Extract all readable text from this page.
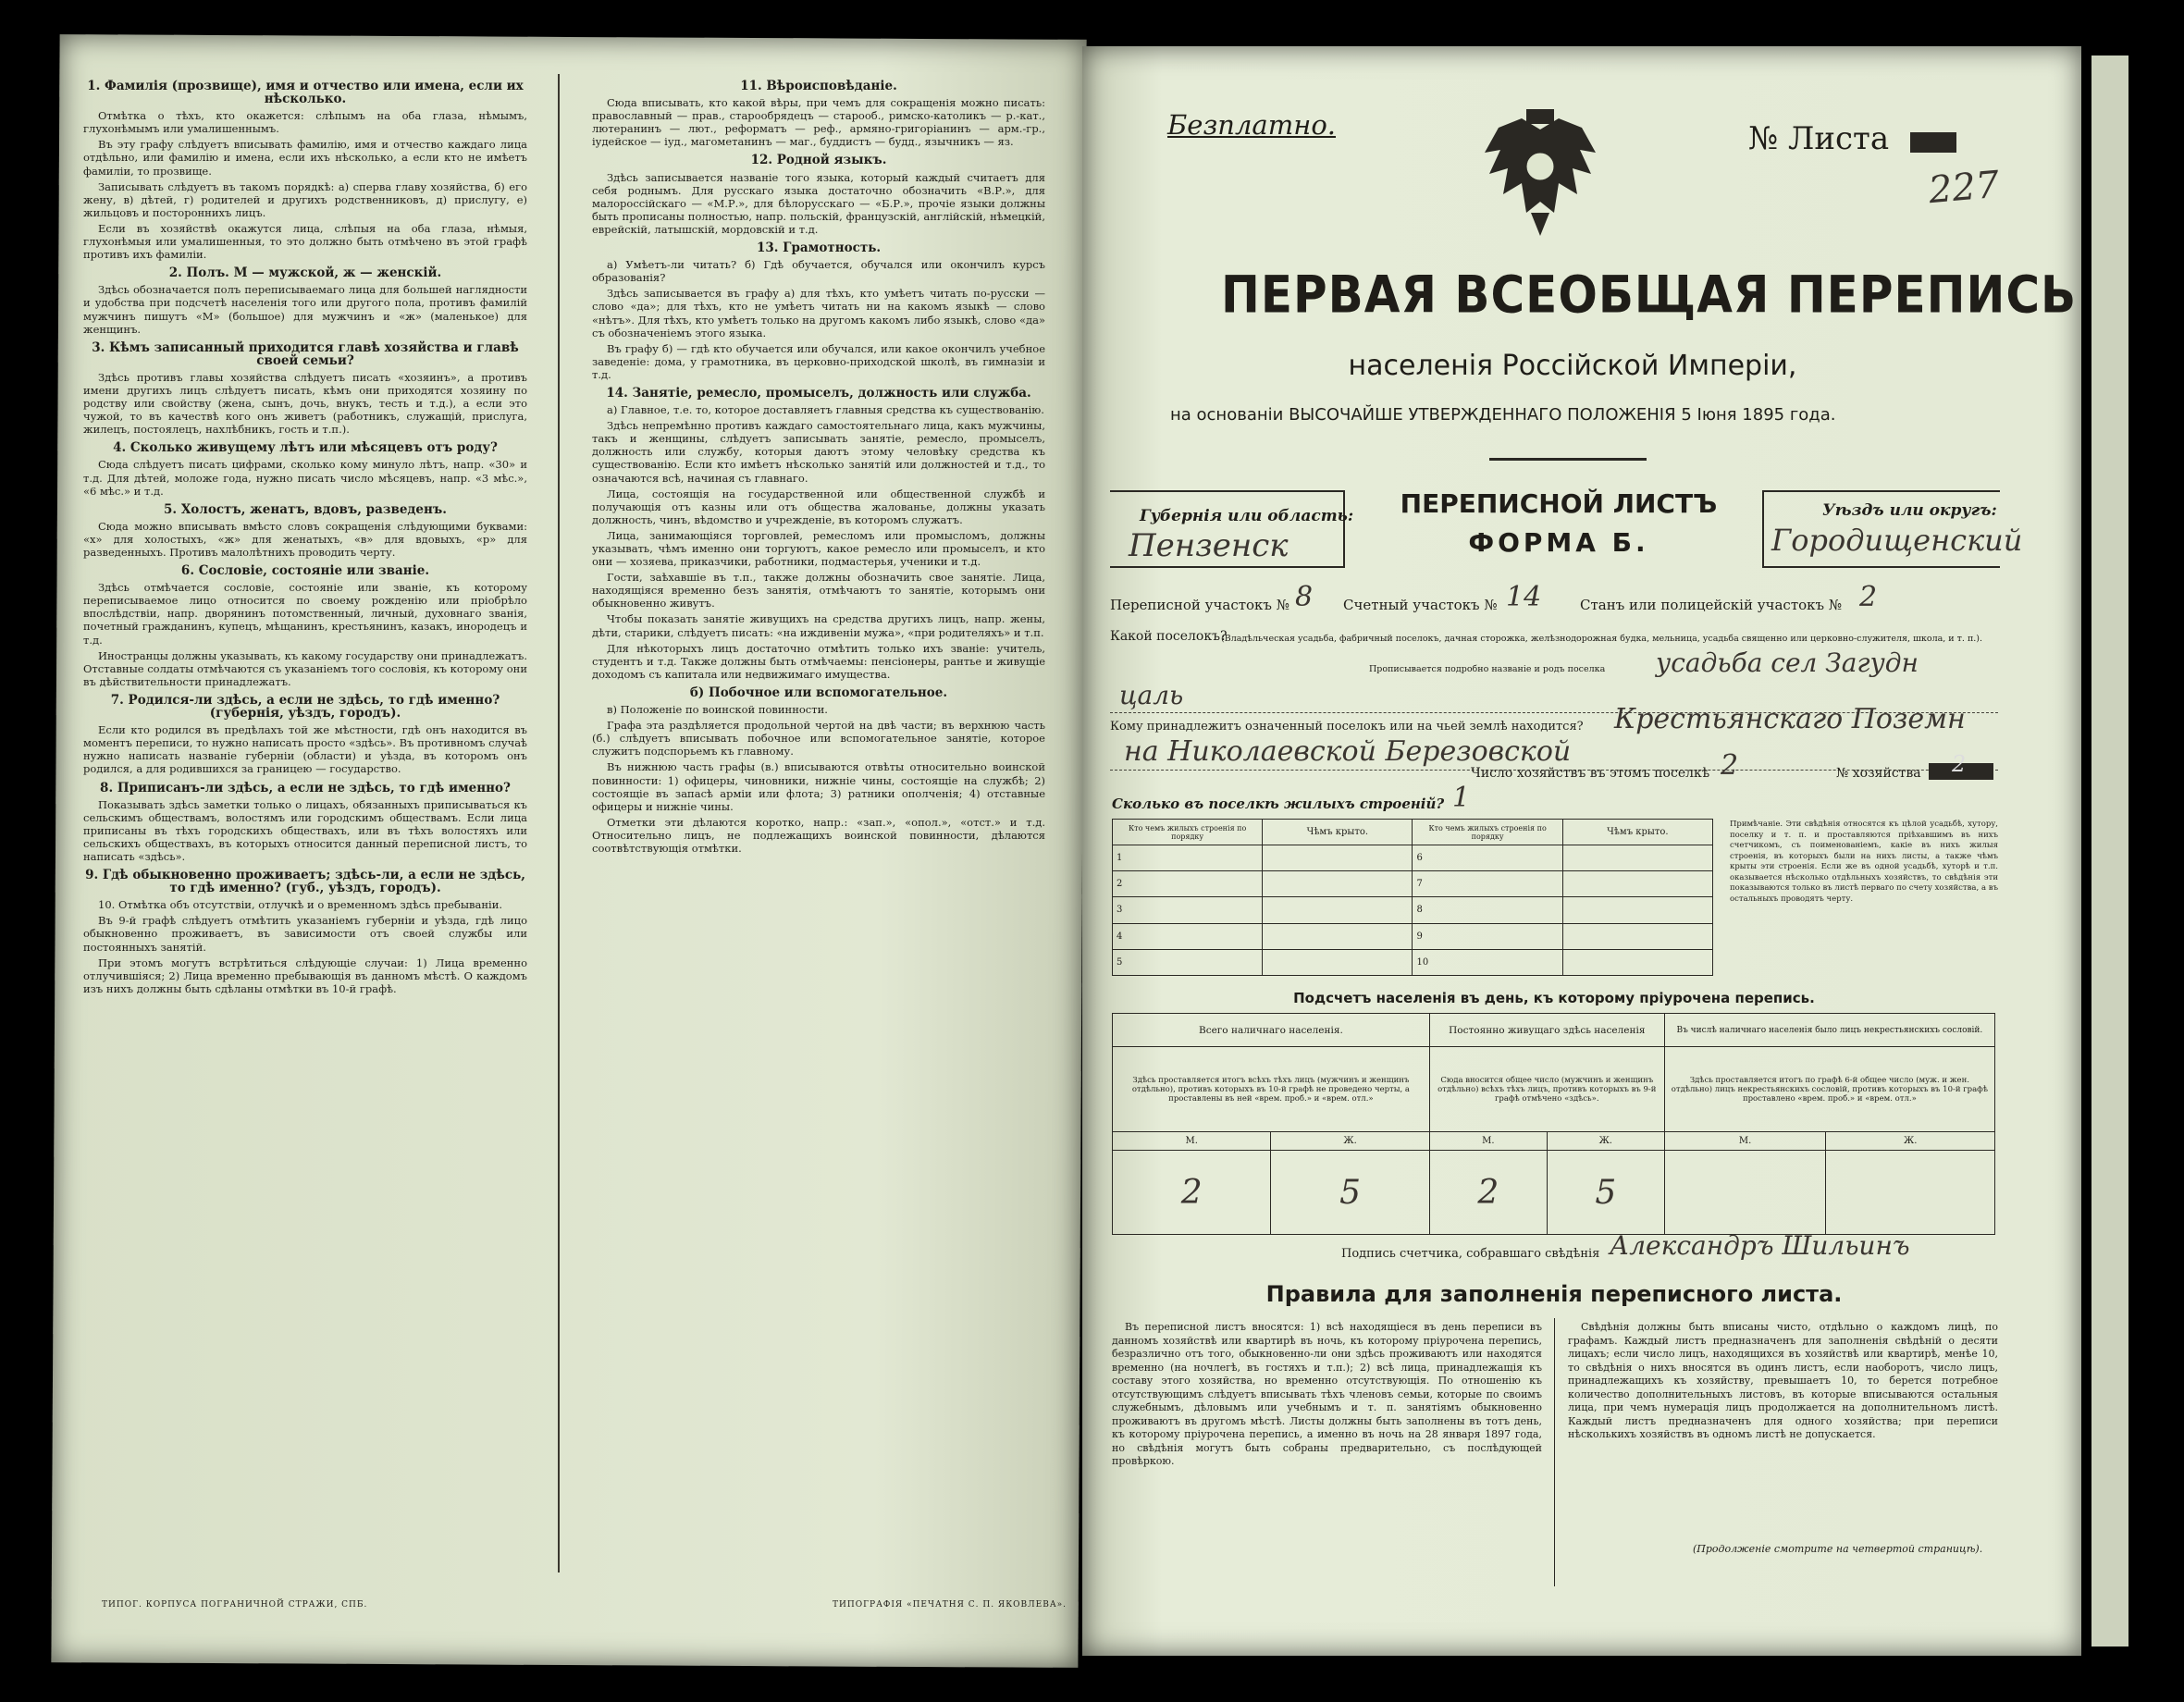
1. Фамилія (прозвище), имя и отчество или имена, если их нѣсколько.

Отмѣтка о тѣхъ, кто окажется: слѣпымъ на оба глаза, нѣмымъ, глухонѣмымъ или умалишеннымъ.

Въ эту графу слѣдуетъ вписывать фамилію, имя и отчество каждаго лица отдѣльно, или фамилію и имена, если ихъ нѣсколько, а если кто не имѣетъ фамиліи, то прозвище.

Записывать слѣдуетъ въ такомъ порядкѣ: а) сперва главу хозяйства, б) его жену, в) дѣтей, г) родителей и другихъ родственниковъ, д) прислугу, е) жильцовъ и постороннихъ лицъ.

Если въ хозяйствѣ окажутся лица, слѣпыя на оба глаза, нѣмыя, глухонѣмыя или умалишенныя, то это должно быть отмѣчено въ этой графѣ противъ ихъ фамиліи.

2. Полъ. М — мужской, ж — женскій.

Здѣсь обозначается полъ переписываемаго лица для большей наглядности и удобства при подсчетѣ населенія того или другого пола, противъ фамилій мужчинъ пишутъ «М» (большое) для мужчинъ и «ж» (маленькое) для женщинъ.

3. Кѣмъ записанный приходится главѣ хозяйства и главѣ своей семьи?

Здѣсь противъ главы хозяйства слѣдуетъ писать «хозяинъ», а противъ имени другихъ лицъ слѣдуетъ писать, кѣмъ они приходятся хозяину по родству или свойству (жена, сынъ, дочь, внукъ, тесть и т.д.), а если это чужой, то въ качествѣ кого онъ живетъ (работникъ, служащій, прислуга, жилецъ, постоялецъ, нахлѣбникъ, гость и т.п.).

4. Сколько живущему лѣтъ или мѣсяцевъ отъ роду?

Сюда слѣдуетъ писать цифрами, сколько кому минуло лѣтъ, напр. «30» и т.д. Для дѣтей, моложе года, нужно писать число мѣсяцевъ, напр. «3 мѣс.», «6 мѣс.» и т.д.

5. Холостъ, женатъ, вдовъ, разведенъ.

Сюда можно вписывать вмѣсто словъ сокращенія слѣдующими буквами: «х» для холостыхъ, «ж» для женатыхъ, «в» для вдовыхъ, «р» для разведенныхъ. Противъ малолѣтнихъ проводить черту.

6. Сословіе, состояніе или званіе.

Здѣсь отмѣчается сословіе, состояніе или званіе, къ которому переписываемое лицо относится по своему рожденію или пріобрѣло впослѣдствіи, напр. дворянинъ потомственный, личный, духовнаго званія, почетный гражданинъ, купецъ, мѣщанинъ, крестьянинъ, казакъ, инородецъ и т.д.

Иностранцы должны указывать, къ какому государству они принадлежатъ. Отставные солдаты отмѣчаются съ указаніемъ того сословія, къ которому они въ дѣйствительности принадлежатъ.

7. Родился-ли здѣсь, а если не здѣсь, то гдѣ именно? (губернія, уѣздъ, городъ).

Если кто родился въ предѣлахъ той же мѣстности, гдѣ онъ находится въ моментъ переписи, то нужно написать просто «здѣсь». Въ противномъ случаѣ нужно написать названіе губерніи (области) и уѣзда, въ которомъ онъ родился, а для родившихся за границею — государство.

8. Приписанъ-ли здѣсь, а если не здѣсь, то гдѣ именно?

Показывать здѣсь заметки только о лицахъ, обязанныхъ приписываться къ сельскимъ обществамъ, волостямъ или городскимъ обществамъ. Если лица приписаны въ тѣхъ городскихъ обществахъ, или въ тѣхъ волостяхъ или сельскихъ обществахъ, въ которыхъ относится данный переписной листъ, то написать «здѣсь».

9. Гдѣ обыкновенно проживаетъ; здѣсь-ли, а если не здѣсь, то гдѣ именно? (губ., уѣздъ, городъ).

10. Отмѣтка объ отсутствіи, отлучкѣ и о временномъ здѣсь пребываніи.

Въ 9-й графѣ слѣдуетъ отмѣтить указаніемъ губерніи и уѣзда, гдѣ лицо обыкновенно проживаетъ, въ зависимости отъ своей службы или постоянныхъ занятій.

При этомъ могутъ встрѣтиться слѣдующіе случаи: 1) Лица временно отлучившіяся; 2) Лица временно пребывающія въ данномъ мѣстѣ. О каждомъ изъ нихъ должны быть сдѣланы отмѣтки въ 10-й графѣ.

11. Вѣроисповѣданіе.

Сюда вписывать, кто какой вѣры, при чемъ для сокращенія можно писать: православный — прав., старообрядецъ — старооб., римско-католикъ — р.-кат., лютеранинъ — лют., реформатъ — реф., армяно-григоріанинъ — арм.-гр., іудейское — іуд., магометанинъ — маг., буддистъ — будд., язычникъ — яз.

12. Родной языкъ.

Здѣсь записывается названіе того языка, который каждый считаетъ для себя роднымъ. Для русскаго языка достаточно обозначить «В.Р.», для малороссійскаго — «М.Р.», для бѣлорусскаго — «Б.Р.», прочіе языки должны быть прописаны полностью, напр. польскій, французскій, англійскій, нѣмецкій, еврейскій, латышскій, мордовскій и т.д.

13. Грамотность.

а) Умѣетъ-ли читать? б) Гдѣ обучается, обучался или окончилъ курсъ образованія?

Здѣсь записывается въ графу а) для тѣхъ, кто умѣетъ читать по-русски — слово «да»; для тѣхъ, кто не умѣетъ читать ни на какомъ языкѣ — слово «нѣтъ». Для тѣхъ, кто умѣетъ только на другомъ какомъ либо языкѣ, слово «да» съ обозначеніемъ этого языка.

Въ графу б) — гдѣ кто обучается или обучался, или какое окончилъ учебное заведеніе: дома, у грамотника, въ церковно-приходской школѣ, въ гимназіи и т.д.

14. Занятіе, ремесло, промыселъ, должность или служба.

а) Главное, т.е. то, которое доставляетъ главныя средства къ существованію.

Здѣсь непремѣнно противъ каждаго самостоятельнаго лица, какъ мужчины, такъ и женщины, слѣдуетъ записывать занятіе, ремесло, промыселъ, должность или службу, которыя даютъ этому человѣку средства къ существованію. Если кто имѣетъ нѣсколько занятій или должностей и т.д., то означаются всѣ, начиная съ главнаго.

Лица, состоящія на государственной или общественной службѣ и получающія отъ казны или отъ общества жалованье, должны указать должность, чинъ, вѣдомство и учрежденіе, въ которомъ служатъ.

Лица, занимающіяся торговлей, ремесломъ или промысломъ, должны указывать, чѣмъ именно они торгуютъ, какое ремесло или промыселъ, и кто они — хозяева, приказчики, работники, подмастерья, ученики и т.д.

Гости, заѣхавшіе въ т.п., также должны обозначить свое занятіе. Лица, находящіяся временно безъ занятія, отмѣчаютъ то занятіе, которымъ они обыкновенно живутъ.

Чтобы показать занятіе живущихъ на средства другихъ лицъ, напр. жены, дѣти, старики, слѣдуетъ писать: «на иждивеніи мужа», «при родителяхъ» и т.п.

Для нѣкоторыхъ лицъ достаточно отмѣтить только ихъ званіе: учитель, студентъ и т.д. Также должны быть отмѣчаемы: пенсіонеры, рантье и живущіе доходомъ съ капитала или недвижимаго имущества.

б) Побочное или вспомогательное.

в) Положеніе по воинской повинности.

Графа эта раздѣляется продольной чертой на двѣ части; въ верхнюю часть (б.) слѣдуетъ вписывать побочное или вспомогательное занятіе, которое служитъ подспорьемъ къ главному.

Въ нижнюю часть графы (в.) вписываются отвѣты относительно воинской повинности: 1) офицеры, чиновники, нижніе чины, состоящіе на службѣ; 2) состоящіе въ запасѣ арміи или флота; 3) ратники ополченія; 4) отставные офицеры и нижніе чины.

Отметки эти дѣлаются коротко, напр.: «зап.», «опол.», «отст.» и т.д. Относительно лицъ, не подлежащихъ воинской повинности, дѣлаются соотвѣтствующія отмѣтки.

ТИПОГ. КОРПУСА ПОГРАНИЧНОЙ СТРАЖИ, СПБ.	ТИПОГРАФІЯ «ПЕЧАТНЯ С. П. ЯКОВЛЕВА».
Безплатно.	№ Листа
227
ПЕРВАЯ ВСЕОБЩАЯ ПЕРЕПИСЬ
населенія Россійской Имперіи,
на основаніи ВЫСОЧАЙШЕ УТВЕРЖДЕННАГО ПОЛОЖЕНІЯ 5 Іюня 1895 года.
Губернія или область:
Пензенск
ПЕРЕПИСНОЙ ЛИСТЪ
ФОРМА Б.
Уѣздъ или округъ:
Городищенский
Переписной участокъ № 8 Счетный участокъ № 14	Станъ или полицейскій участокъ № 2
Какой поселокъ?
(Владѣльческая усадьба, фабричный поселокъ, дачная сторожка, желѣзнодорожная будка, мельница, усадьба священно или церковно-служителя, школа, и т. п.).
Прописывается подробно названіе и родъ поселка усадьба сел Загудн
цаль
Кому принадлежитъ означенный поселокъ или на чьей землѣ находится? Крестьянскаго Поземн
на Николаевской Березовской
Число хозяйствъ въ этомъ поселкѣ 2	№ хозяйства 2
Сколько въ поселкѣ жилыхъ строеній? 1
Кто чемъ жилыхъ строенія по порядку	Чѣмъ крыто.	Кто чемъ жилыхъ строенія по порядку	Чѣмъ крыто.
1		6	
2		7	
3		8	
4		9	
5		10	
Примѣчаніе. Эти свѣдѣнія относятся къ цѣлой усадьбѣ, хутору, поселку и т. п. и проставляются пріѣхавшимъ въ нихъ счетчикомъ, съ поименованіемъ, какіе въ нихъ жилыя строенія, въ которыхъ были на нихъ листы, а также чѣмъ крыты эти строенія. Если же въ одной усадьбѣ, хуторѣ и т.п. оказывается нѣсколько отдѣльныхъ хозяйствъ, то свѣдѣнія эти показываются только въ листѣ перваго по счету хозяйства, а въ остальныхъ проводятъ черту.
Подсчетъ населенія въ день, къ которому пріурочена перепись.
Всего наличнаго населенія.		Постоянно живущаго здѣсь населенія		Въ числѣ наличнаго населенія было лицъ некрестьянскихъ сословій.	
Здѣсь проставляется итогъ всѣхъ тѣхъ лицъ (мужчинъ и женщинъ отдѣльно), противъ которыхъ въ 10-й графѣ не проведено черты, а проставлены въ ней «врем. проб.» и «врем. отл.»		Сюда вносится общее число (мужчинъ и женщинъ отдѣльно) всѣхъ тѣхъ лицъ, противъ которыхъ въ 9-й графѣ отмѣчено «здѣсь».		Здѣсь проставляется итогъ по графѣ 6-й общее число (муж. и жен. отдѣльно) лицъ некрестьянскихъ сословій, противъ которыхъ въ 10-й графѣ проставлено «врем. проб.» и «врем. отл.»	
М.	Ж.	М.	Ж.	М.	Ж.
2	5	2	5		
Подпись счетчика, собравшаго свѣдѣнія Александръ Шильинъ
Правила для заполненія переписного листа.
Въ переписной листъ вносятся: 1) всѣ находящіеся въ день переписи въ данномъ хозяйствѣ или квартирѣ въ ночь, къ которому пріурочена перепись, безразлично отъ того, обыкновенно-ли они здѣсь проживаютъ или находятся временно (на ночлегѣ, въ гостяхъ и т.п.); 2) всѣ лица, принадлежащія къ составу этого хозяйства, но временно отсутствующія. По отношенію къ отсутствующимъ слѣдуетъ вписывать тѣхъ членовъ семьи, которые по своимъ служебнымъ, дѣловымъ или учебнымъ и т. п. занятіямъ обыкновенно проживаютъ въ другомъ мѣстѣ. Листы должны быть заполнены въ тотъ день, къ которому пріурочена перепись, а именно въ ночь на 28 января 1897 года, но свѣдѣнія могутъ быть собраны предварительно, съ послѣдующей провѣркою.
Свѣдѣнія должны быть вписаны чисто, отдѣльно о каждомъ лицѣ, по графамъ. Каждый листъ предназначенъ для заполненія свѣдѣній о десяти лицахъ; если число лицъ, находящихся въ хозяйствѣ или квартирѣ, менѣе 10, то свѣдѣнія о нихъ вносятся въ одинъ листъ, если наоборотъ, число лицъ, принадлежащихъ къ хозяйству, превышаетъ 10, то берется потребное количество дополнительныхъ листовъ, въ которые вписываются остальныя лица, при чемъ нумерація лицъ продолжается на дополнительномъ листѣ. Каждый листъ предназначенъ для одного хозяйства; при переписи нѣсколькихъ хозяйствъ въ одномъ листѣ не допускается.
(Продолженіе смотрите на четвертой страницѣ).
